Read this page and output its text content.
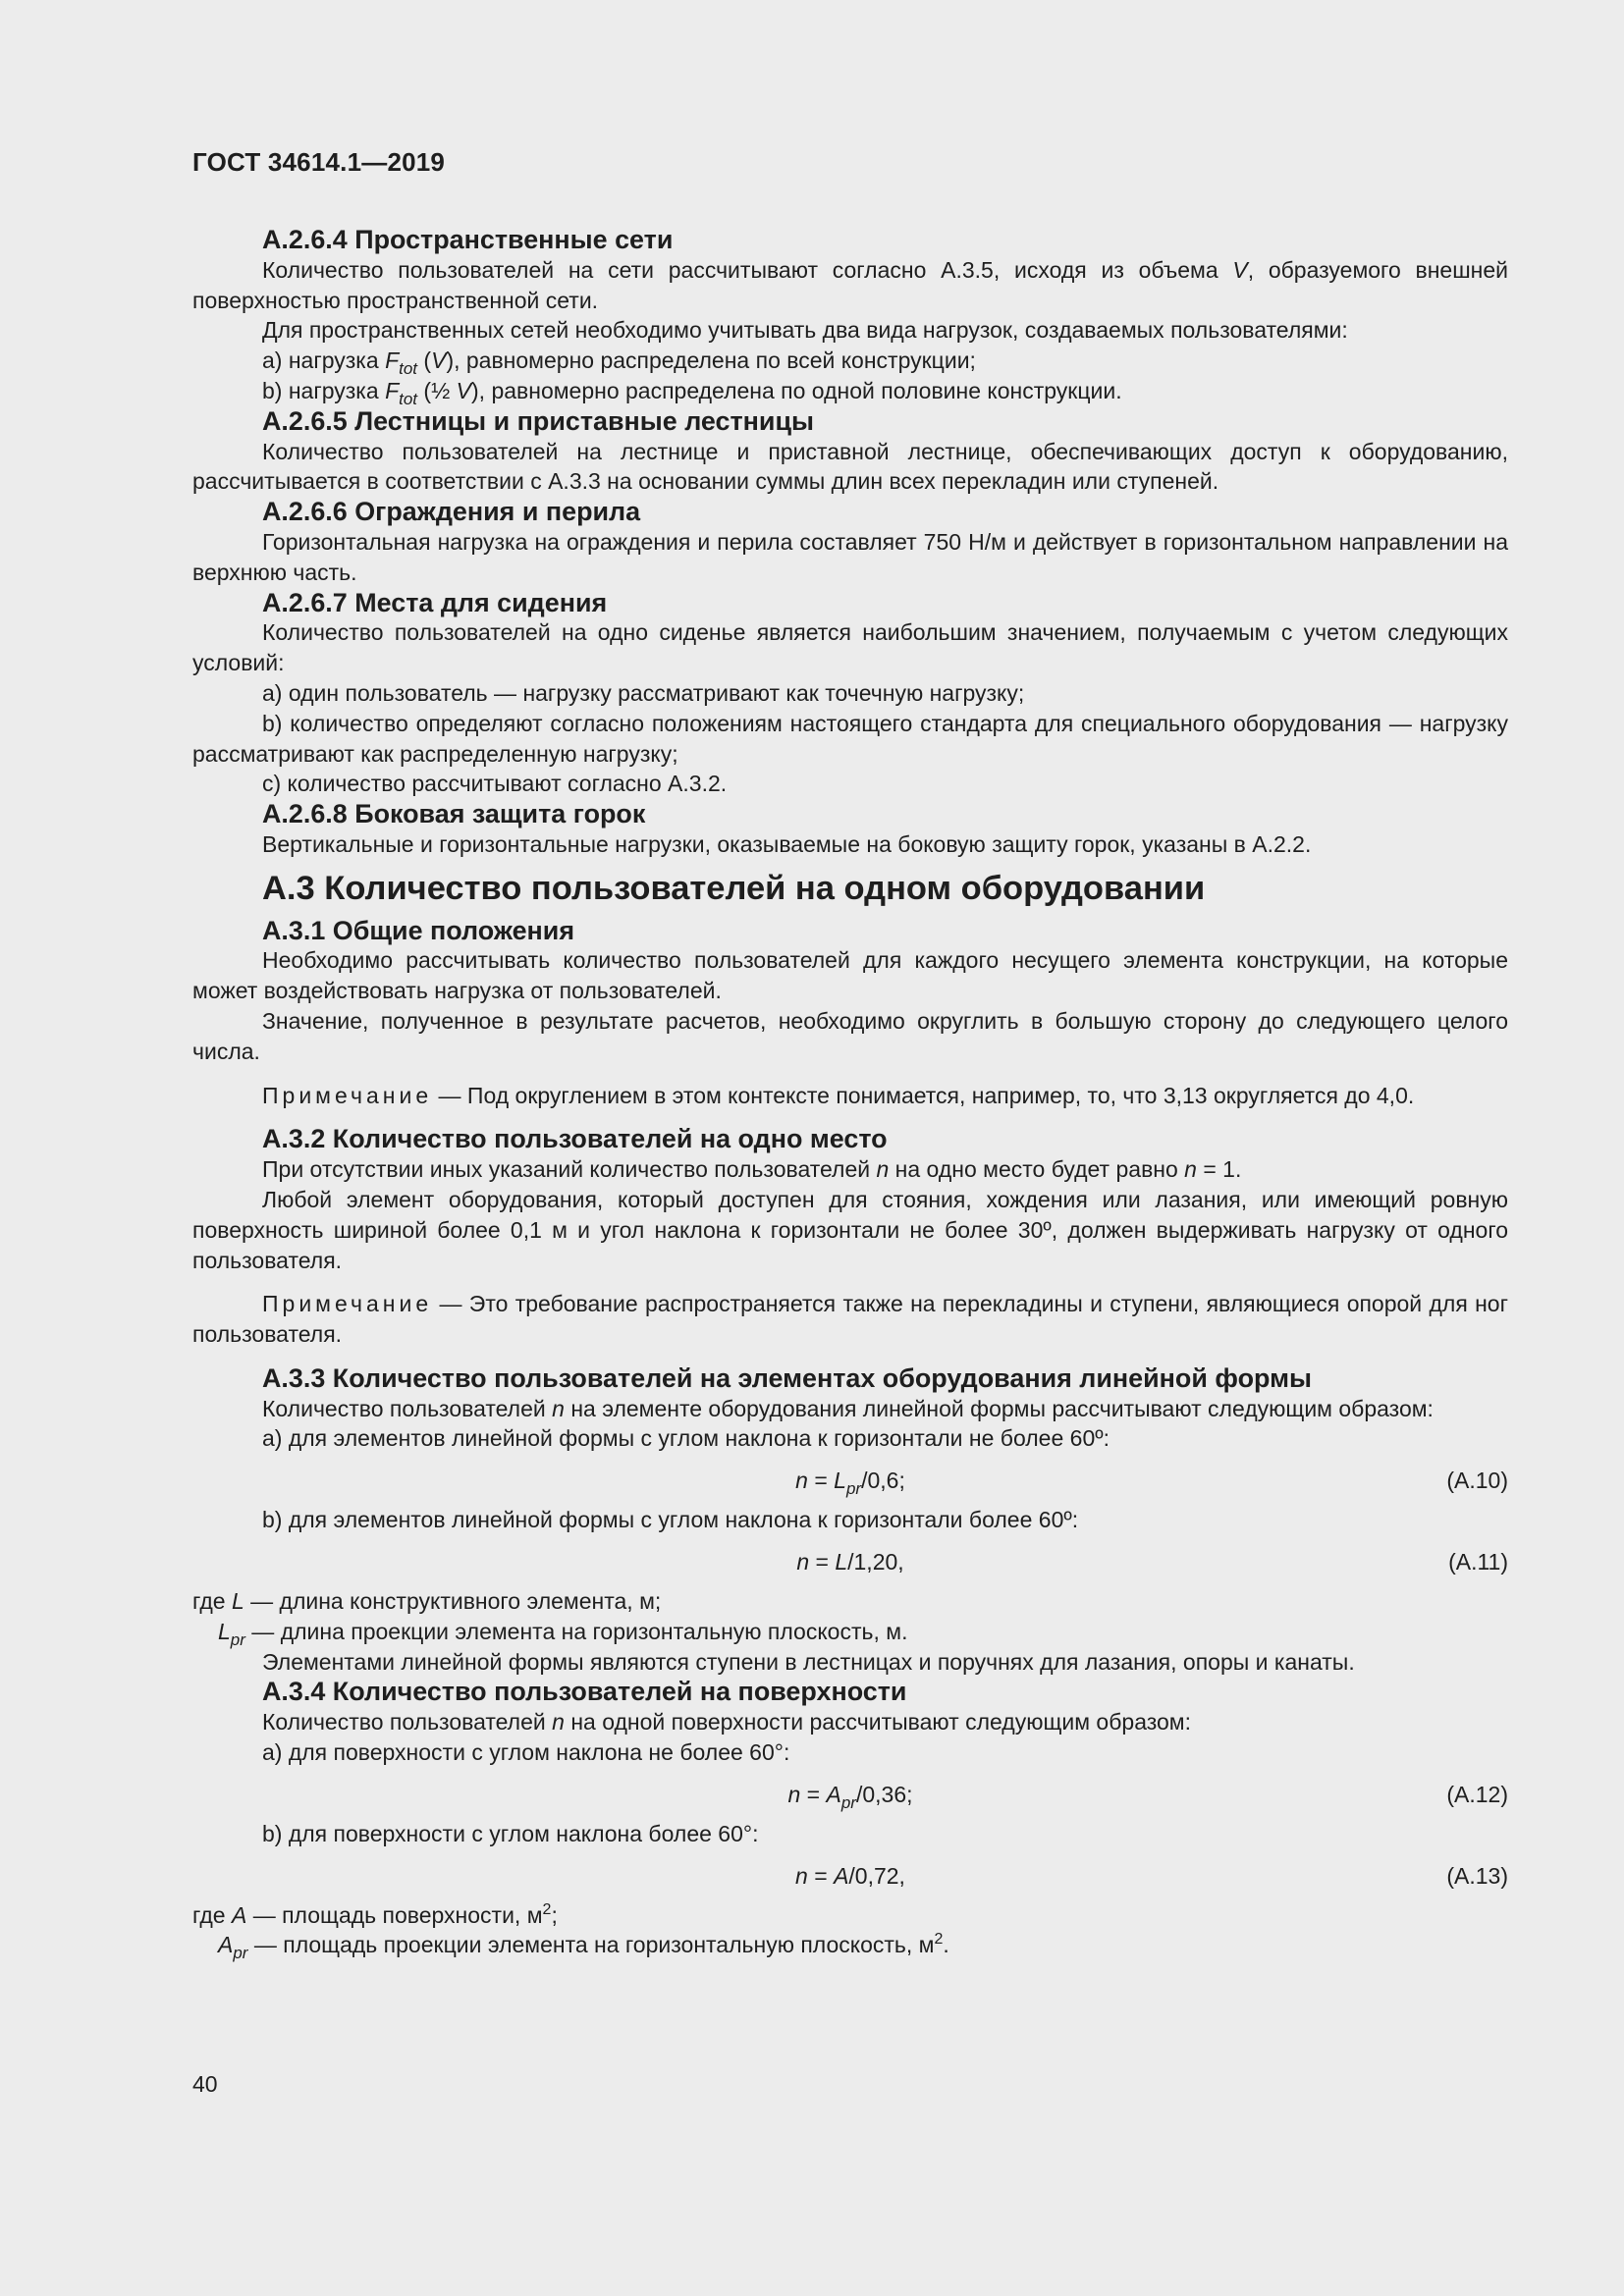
ГОСТ 34614.1—2019
А.2.6.4 Пространственные сети

Количество пользователей на сети рассчитывают согласно А.3.5, исходя из объема V, образуемого внешней поверхностью пространственной сети.

Для пространственных сетей необходимо учитывать два вида нагрузок, создаваемых пользователями:

a) нагрузка $F_{tot}$ (V), равномерно распределена по всей конструкции;

b) нагрузка $F_{tot}$ (½ V), равномерно распределена по одной половине конструкции.

А.2.6.5 Лестницы и приставные лестницы

Количество пользователей на лестнице и приставной лестнице, обеспечивающих доступ к оборудованию, рассчитывается в соответствии с А.3.3 на основании суммы длин всех перекладин или ступеней.

А.2.6.6 Ограждения и перила

Горизонтальная нагрузка на ограждения и перила составляет 750 Н/м и действует в горизонтальном направлении на верхнюю часть.

А.2.6.7 Места для сидения

Количество пользователей на одно сиденье является наибольшим значением, получаемым с учетом следующих условий:

a) один пользователь — нагрузку рассматривают как точечную нагрузку;

b) количество определяют согласно положениям настоящего стандарта для специального оборудования — нагрузку рассматривают как распределенную нагрузку;

c) количество рассчитывают согласно А.3.2.

А.2.6.8 Боковая защита горок

Вертикальные и горизонтальные нагрузки, оказываемые на боковую защиту горок, указаны в А.2.2.

А.3 Количество пользователей на одном оборудовании
А.3.1 Общие положения

Необходимо рассчитывать количество пользователей для каждого несущего элемента конструкции, на которые может воздействовать нагрузка от пользователей.

Значение, полученное в результате расчетов, необходимо округлить в большую сторону до следующего целого числа.

Примечание — Под округлением в этом контексте понимается, например, то, что 3,13 округляется до 4,0.

А.3.2 Количество пользователей на одно место

При отсутствии иных указаний количество пользователей n на одно место будет равно n = 1.

Любой элемент оборудования, который доступен для стояния, хождения или лазания, или имеющий ровную поверхность шириной более 0,1 м и угол наклона к горизонтали не более 30º, должен выдерживать нагрузку от одного пользователя.

Примечание — Это требование распространяется также на перекладины и ступени, являющиеся опорой для ног пользователя.

А.3.3 Количество пользователей на элементах оборудования линейной формы

Количество пользователей n на элементе оборудования линейной формы рассчитывают следующим образом:

a) для элементов линейной формы с углом наклона к горизонтали не более 60º:

$n = L_{pr}/0,6$;	(А.10)

b) для элементов линейной формы с углом наклона к горизонтали более 60º:

n = L/1,20,	(А.11)

где L — длина конструктивного элемента, м;

$L_{pr}$ — длина проекции элемента на горизонтальную плоскость, м.

Элементами линейной формы являются ступени в лестницах и поручнях для лазания, опоры и канаты.

А.3.4 Количество пользователей на поверхности

Количество пользователей n на одной поверхности рассчитывают следующим образом:

a) для поверхности с углом наклона не более 60°:

$n = A_{pr}/0,36$;	(А.12)

b) для поверхности с углом наклона более 60°:

n = A/0,72,	(А.13)

где A — площадь поверхности, $м^2$;

$A_{pr}$ — площадь проекции элемента на горизонтальную плоскость, $м^2$.

40
